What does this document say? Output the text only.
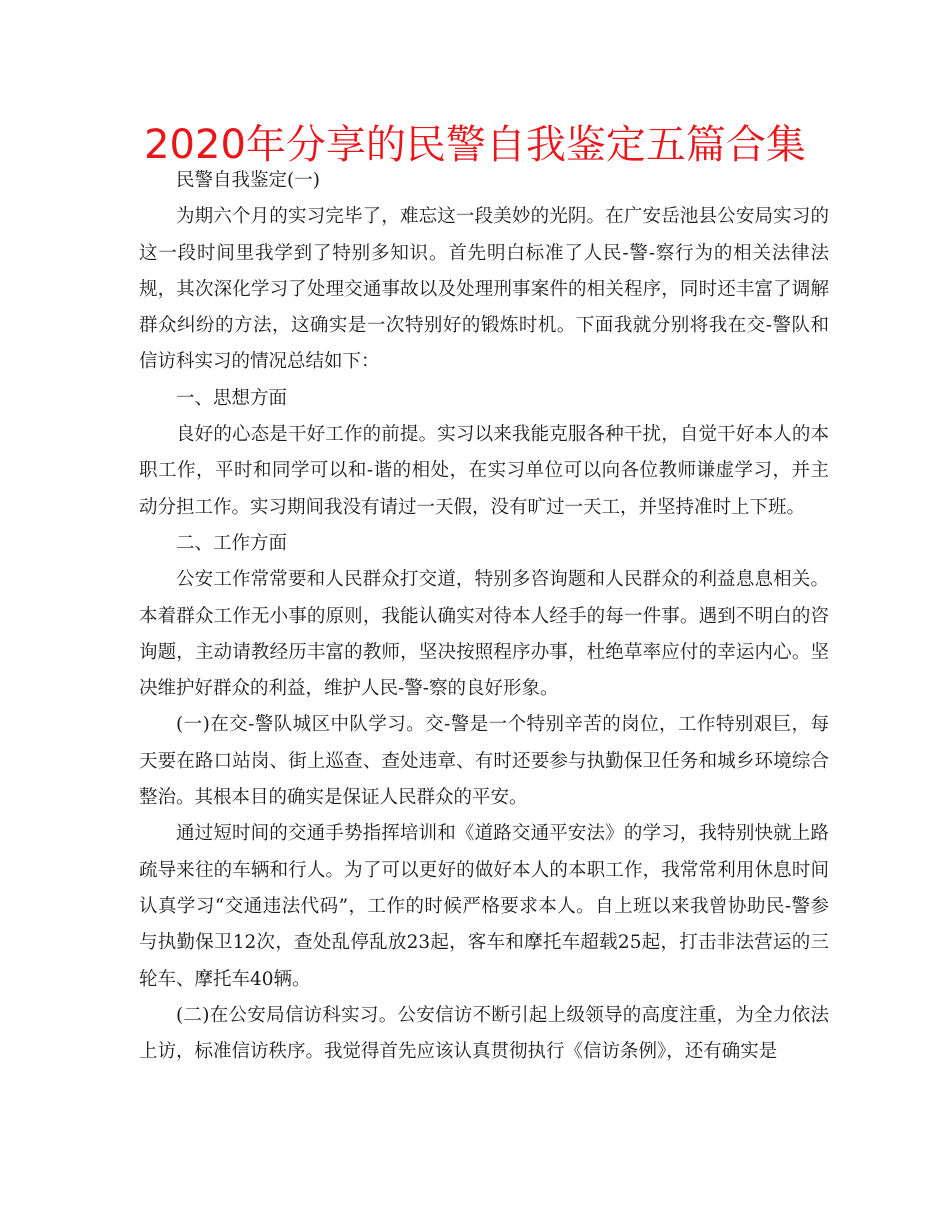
2020年分享的民警自我鉴定五篇合集

民警自我鉴定(一)

为期六个月的实习完毕了，难忘这一段美妙的光阴。在广安岳池县公安局实习的这一段时间里我学到了特别多知识。首先明白标准了人民-警-察行为的相关法律法规，其次深化学习了处理交通事故以及处理刑事案件的相关程序，同时还丰富了调解群众纠纷的方法，这确实是一次特别好的锻炼时机。下面我就分别将我在交-警队和信访科实习的情况总结如下：

一、思想方面

良好的心态是干好工作的前提。实习以来我能克服各种干扰，自觉干好本人的本职工作，平时和同学可以和-谐的相处，在实习单位可以向各位教师谦虚学习，并主动分担工作。实习期间我没有请过一天假，没有旷过一天工，并坚持准时上下班。

二、工作方面

公安工作常常要和人民群众打交道，特别多咨询题和人民群众的利益息息相关。本着群众工作无小事的原则，我能认确实对待本人经手的每一件事。遇到不明白的咨询题，主动请教经历丰富的教师，坚决按照程序办事，杜绝草率应付的幸运内心。坚决维护好群众的利益，维护人民-警-察的良好形象。

(一)在交-警队城区中队学习。交-警是一个特别辛苦的岗位，工作特别艰巨，每天要在路口站岗、街上巡查、查处违章、有时还要参与执勤保卫任务和城乡环境综合整治。其根本目的确实是保证人民群众的平安。

通过短时间的交通手势指挥培训和《道路交通平安法》的学习，我特别快就上路疏导来往的车辆和行人。为了可以更好的做好本人的本职工作，我常常利用休息时间认真学习“交通违法代码”，工作的时候严格要求本人。自上班以来我曾协助民-警参与执勤保卫12次，查处乱停乱放23起，客车和摩托车超载25起，打击非法营运的三轮车、摩托车40辆。

(二)在公安局信访科实习。公安信访不断引起上级领导的高度注重，为全力依法上访，标准信访秩序。我觉得首先应该认真贯彻执行《信访条例》，还有确实是
